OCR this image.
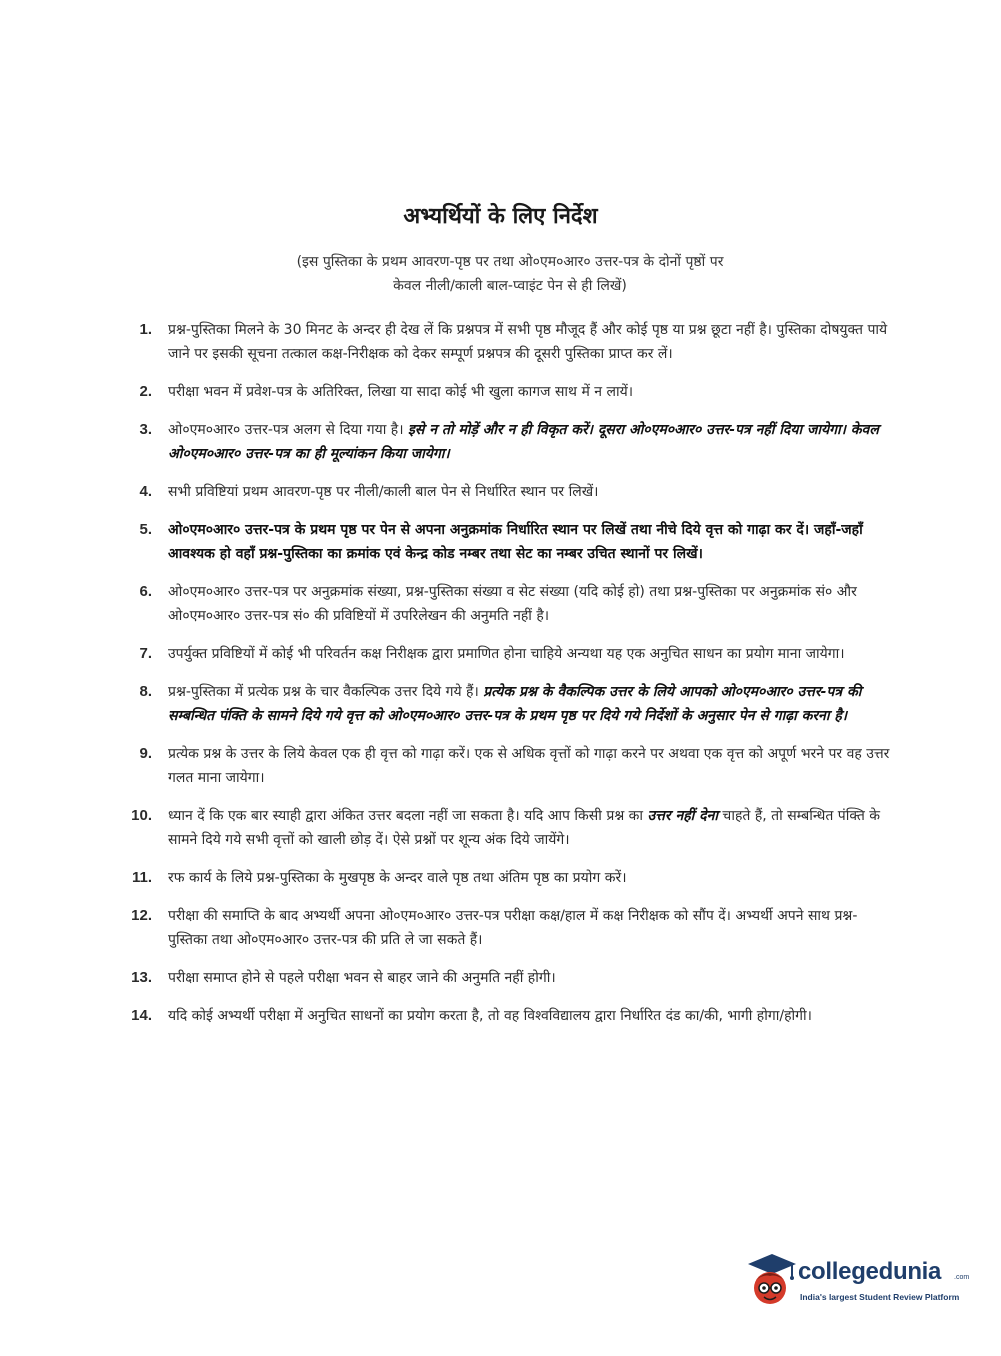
अभ्यर्थियों के लिए निर्देश
(इस पुस्तिका के प्रथम आवरण-पृष्ठ पर तथा ओ०एम०आर० उत्तर-पत्र के दोनों पृष्ठों पर
केवल नीली/काली बाल-प्वाइंट पेन से ही लिखें)
1. प्रश्न-पुस्तिका मिलने के 30 मिनट के अन्दर ही देख लें कि प्रश्नपत्र में सभी पृष्ठ मौजूद हैं और कोई पृष्ठ या प्रश्न छूटा नहीं है। पुस्तिका दोषयुक्त पाये जाने पर इसकी सूचना तत्काल कक्ष-निरीक्षक को देकर सम्पूर्ण प्रश्नपत्र की दूसरी पुस्तिका प्राप्त कर लें।
2. परीक्षा भवन में प्रवेश-पत्र के अतिरिक्त, लिखा या सादा कोई भी खुला कागज साथ में न लायें।
3. ओ०एम०आर० उत्तर-पत्र अलग से दिया गया है। इसे न तो मोड़ें और न ही विकृत करें। दूसरा ओ०एम०आर० उत्तर-पत्र नहीं दिया जायेगा। केवल ओ०एम०आर० उत्तर-पत्र का ही मूल्यांकन किया जायेगा।
4. सभी प्रविष्टियां प्रथम आवरण-पृष्ठ पर नीली/काली बाल पेन से निर्धारित स्थान पर लिखें।
5. ओ०एम०आर० उत्तर-पत्र के प्रथम पृष्ठ पर पेन से अपना अनुक्रमांक निर्धारित स्थान पर लिखें तथा नीचे दिये वृत्त को गाढ़ा कर दें। जहाँ-जहाँ आवश्यक हो वहाँ प्रश्न-पुस्तिका का क्रमांक एवं केन्द्र कोड नम्बर तथा सेट का नम्बर उचित स्थानों पर लिखें।
6. ओ०एम०आर० उत्तर-पत्र पर अनुक्रमांक संख्या, प्रश्न-पुस्तिका संख्या व सेट संख्या (यदि कोई हो) तथा प्रश्न-पुस्तिका पर अनुक्रमांक सं० और ओ०एम०आर० उत्तर-पत्र सं० की प्रविष्टियों में उपरिलेखन की अनुमति नहीं है।
7. उपर्युक्त प्रविष्टियों में कोई भी परिवर्तन कक्ष निरीक्षक द्वारा प्रमाणित होना चाहिये अन्यथा यह एक अनुचित साधन का प्रयोग माना जायेगा।
8. प्रश्न-पुस्तिका में प्रत्येक प्रश्न के चार वैकल्पिक उत्तर दिये गये हैं। प्रत्येक प्रश्न के वैकल्पिक उत्तर के लिये आपको ओ०एम०आर० उत्तर-पत्र की सम्बन्धित पंक्ति के सामने दिये गये वृत्त को ओ०एम०आर० उत्तर-पत्र के प्रथम पृष्ठ पर दिये गये निर्देशों के अनुसार पेन से गाढ़ा करना है।
9. प्रत्येक प्रश्न के उत्तर के लिये केवल एक ही वृत्त को गाढ़ा करें। एक से अधिक वृत्तों को गाढ़ा करने पर अथवा एक वृत्त को अपूर्ण भरने पर वह उत्तर गलत माना जायेगा।
10. ध्यान दें कि एक बार स्याही द्वारा अंकित उत्तर बदला नहीं जा सकता है। यदि आप किसी प्रश्न का उत्तर नहीं देना चाहते हैं, तो सम्बन्धित पंक्ति के सामने दिये गये सभी वृत्तों को खाली छोड़ दें। ऐसे प्रश्नों पर शून्य अंक दिये जायेंगे।
11. रफ कार्य के लिये प्रश्न-पुस्तिका के मुखपृष्ठ के अन्दर वाले पृष्ठ तथा अंतिम पृष्ठ का प्रयोग करें।
12. परीक्षा की समाप्ति के बाद अभ्यर्थी अपना ओ०एम०आर० उत्तर-पत्र परीक्षा कक्ष/हाल में कक्ष निरीक्षक को सौंप दें। अभ्यर्थी अपने साथ प्रश्न-पुस्तिका तथा ओ०एम०आर० उत्तर-पत्र की प्रति ले जा सकते हैं।
13. परीक्षा समाप्त होने से पहले परीक्षा भवन से बाहर जाने की अनुमति नहीं होगी।
14. यदि कोई अभ्यर्थी परीक्षा में अनुचित साधनों का प्रयोग करता है, तो वह विश्वविद्यालय द्वारा निर्धारित दंड का/की, भागी होगा/होगी।
collegedunia .com
India's largest Student Review Platform
